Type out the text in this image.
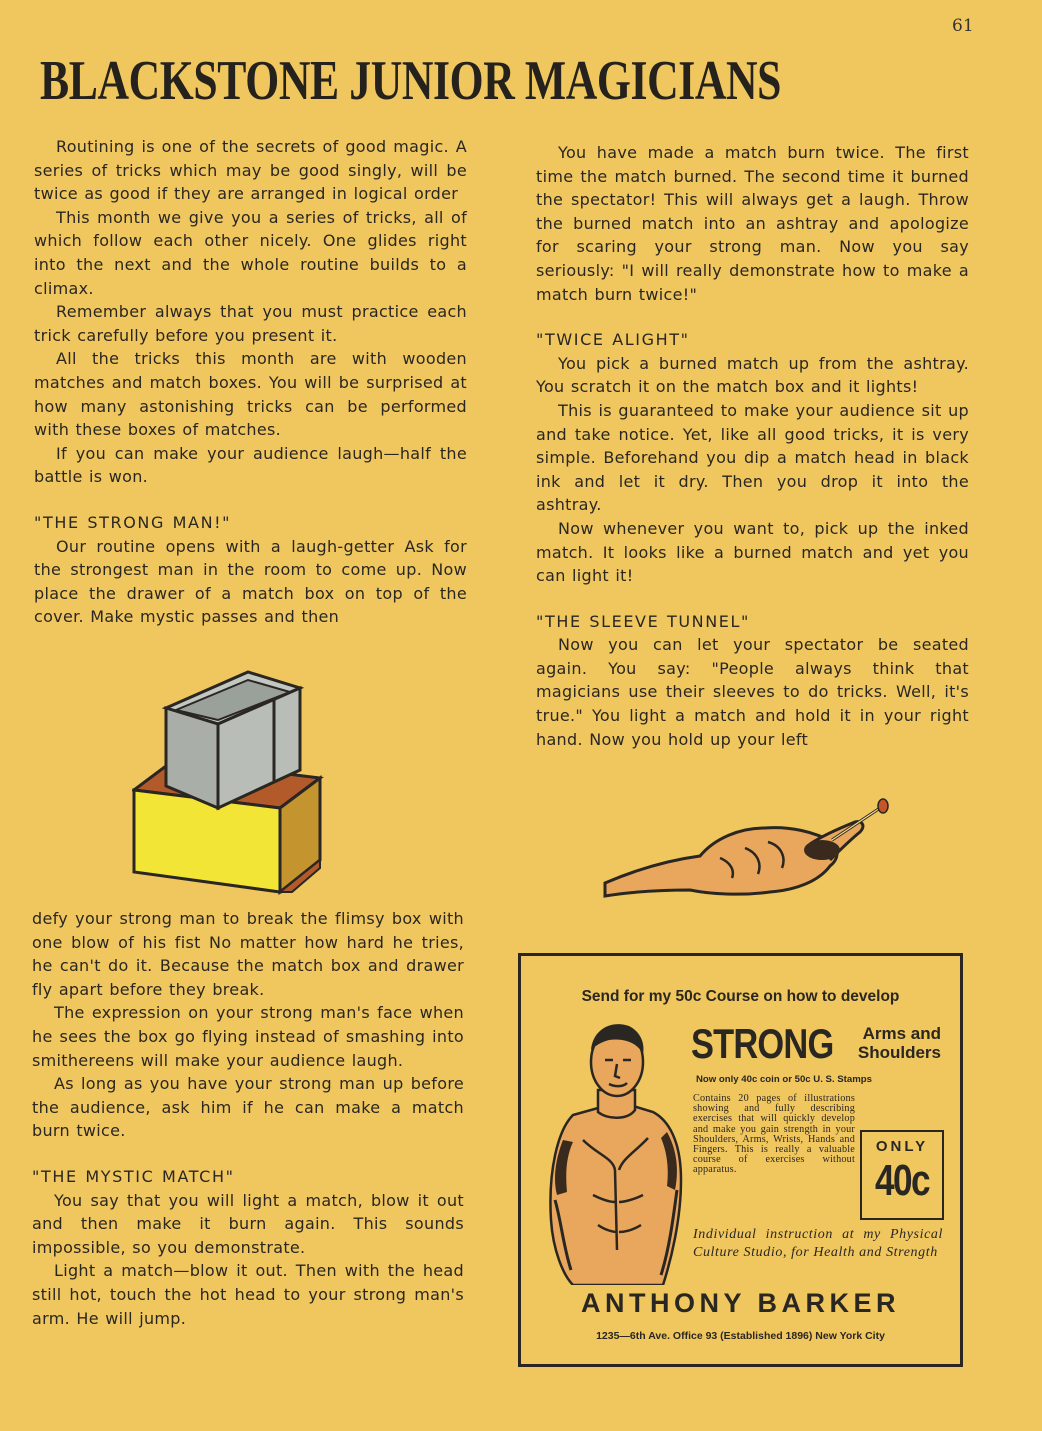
61
BLACKSTONE JUNIOR MAGICIANS

Routining is one of the secrets of good magic. A series of tricks which may be good singly, will be twice as good if they are arranged in logical order

This month we give you a series of tricks, all of which follow each other nicely. One glides right into the next and the whole routine builds to a climax.

Remember always that you must practice each trick carefully before you present it.

All the tricks this month are with wooden matches and match boxes. You will be surprised at how many astonishing tricks can be performed with these boxes of matches.

If you can make your audience laugh—half the battle is won.

"THE STRONG MAN!"

Our routine opens with a laugh-getter Ask for the strongest man in the room to come up. Now place the drawer of a match box on top of the cover. Make mystic passes and then

defy your strong man to break the flimsy box with one blow of his fist No matter how hard he tries, he can't do it. Because the match box and drawer fly apart before they break.

The expression on your strong man's face when he sees the box go flying instead of smashing into smithereens will make your audience laugh.

As long as you have your strong man up before the audience, ask him if he can make a match burn twice.

"THE MYSTIC MATCH"

You say that you will light a match, blow it out and then make it burn again. This sounds impossible, so you demonstrate.

Light a match—blow it out. Then with the head still hot, touch the hot head to your strong man's arm. He will jump.

You have made a match burn twice. The first time the match burned. The second time it burned the spectator! This will always get a laugh. Throw the burned match into an ashtray and apologize for scaring your strong man. Now you say seriously: "I will really demonstrate how to make a match burn twice!"

"TWICE ALIGHT"

You pick a burned match up from the ashtray. You scratch it on the match box and it lights!

This is guaranteed to make your audience sit up and take notice. Yet, like all good tricks, it is very simple. Beforehand you dip a match head in black ink and let it dry. Then you drop it into the ashtray.

Now whenever you want to, pick up the inked match. It looks like a burned match and yet you can light it!

"THE SLEEVE TUNNEL"

Now you can let your spectator be seated again. You say: "People always think that magicians use their sleeves to do tricks. Well, it's true." You light a match and hold it in your right hand. Now you hold up your left

Send for my 50c Course on how to develop
STRONG	Arms and
Shoulders
Now only 40c coin or 50c U. S. Stamps
Contains 20 pages of illustrations showing and fully describing exercises that will quickly develop and make you gain strength in your Shoulders, Arms, Wrists, Hands and Fingers. This is really a valuable course of exercises without apparatus.
ONLY
40c
Individual instruction at my Physical Culture Studio, for Health and Strength
ANTHONY BARKER
1235—6th Ave. Office 93 (Established 1896) New York City
